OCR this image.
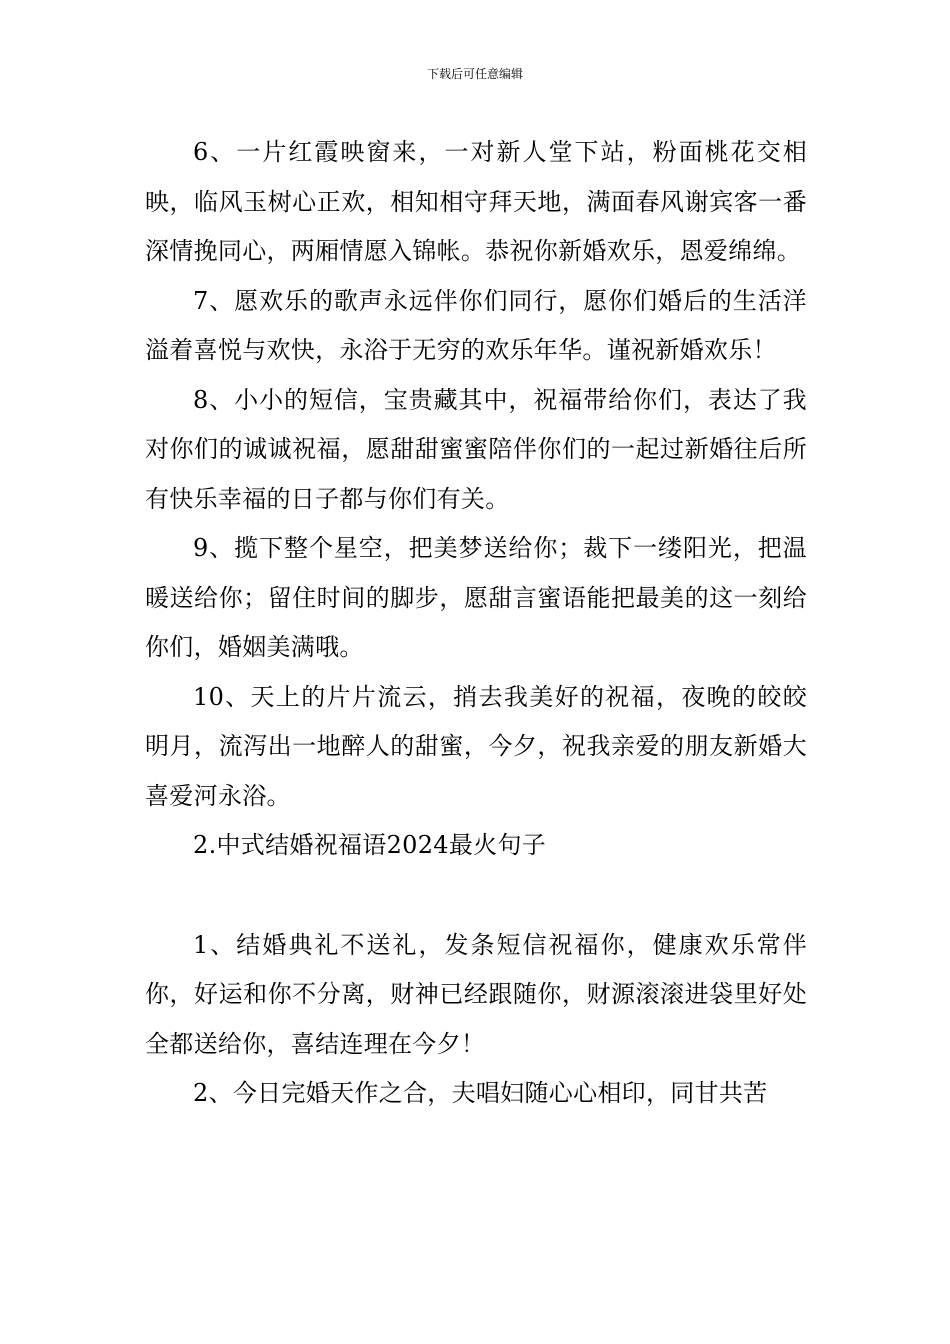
下载后可任意编辑

6、一片红霞映窗来，一对新人堂下站，粉面桃花交相映，临风玉树心正欢，相知相守拜天地，满面春风谢宾客一番深情挽同心，两厢情愿入锦帐。恭祝你新婚欢乐，恩爱绵绵。

7、愿欢乐的歌声永远伴你们同行，愿你们婚后的生活洋溢着喜悦与欢快，永浴于无穷的欢乐年华。谨祝新婚欢乐！

8、小小的短信，宝贵藏其中，祝福带给你们，表达了我对你们的诚诚祝福，愿甜甜蜜蜜陪伴你们的一起过新婚往后所有快乐幸福的日子都与你们有关。

9、揽下整个星空，把美梦送给你；裁下一缕阳光，把温暖送给你；留住时间的脚步，愿甜言蜜语能把最美的这一刻给你们，婚姻美满哦。

10、天上的片片流云，捎去我美好的祝福，夜晚的皎皎明月，流泻出一地醉人的甜蜜，今夕，祝我亲爱的朋友新婚大喜爱河永浴。

2.中式结婚祝福语2024最火句子

1、结婚典礼不送礼，发条短信祝福你，健康欢乐常伴你，好运和你不分离，财神已经跟随你，财源滚滚进袋里好处全都送给你，喜结连理在今夕！

2、今日完婚天作之合，夫唱妇随心心相印，同甘共苦
